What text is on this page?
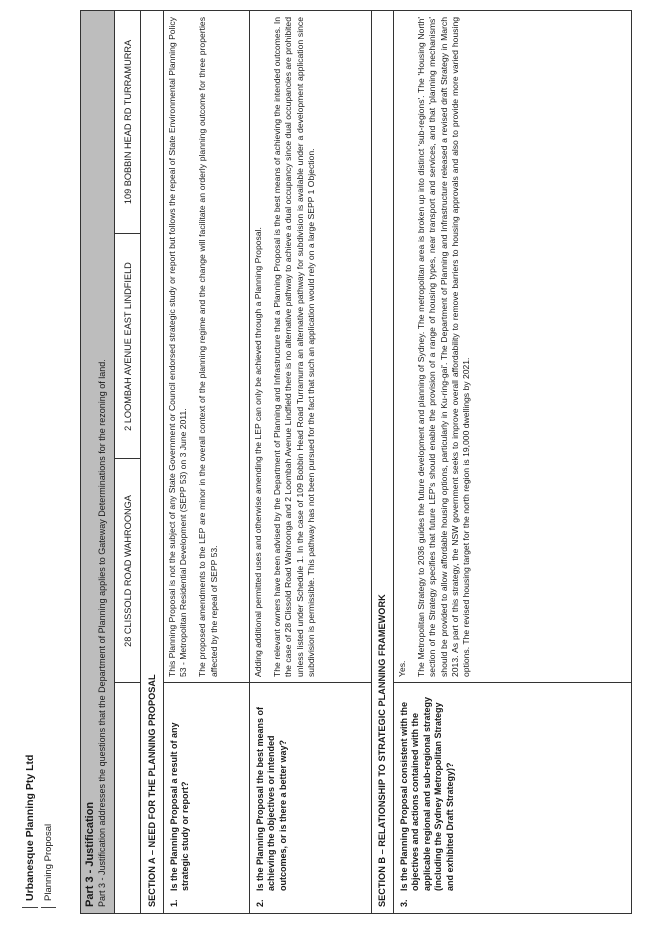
Urbanesque Planning Pty Ltd Planning Proposal	Part 3 - Justification Part 3 - Justification addresses the questions that the Department of Planning applies to Gateway Determinations for the rezoning of land. 28 CLISSOLD ROAD WAHROONGA
2 LOOMBAH AVENUE EAST LINDFIELD
109 BOBBIN HEAD RD TURRAMURRA
SECTION A – NEED FOR THE PLANNING PROPOSAL 1.
Is the Planning Proposal a result of any strategic study or report?

This Planning Proposal is not the subject of any State Government or Council endorsed strategic study or report but follows the repeal of State Environmental Planning Policy 53 - Metropolitan Residential Development (SEPP 53) on 3 June 2011. The proposed amendments to the LEP are minor in the overall context of the planning regime and the change will facilitate an orderly planning outcome for three properties affected by the repeal of SEPP 53.

2.
Is the Planning Proposal the best means of achieving the objectives or intended outcomes, or is there a better way?

Adding additional permitted uses and otherwise amending the LEP can only be achieved through a Planning Proposal. The relevant owners have been advised by the Department of Planning and Infrastructure that a Planning Proposal is the best means of achieving the intended outcomes. In the case of 28 Clissold Road Wahroonga and 2 Loombah Avenue Lindfield there is no alternative pathway to achieve a dual occupancy since dual occupancies are prohibited unless listed under Schedule 1. In the case of 109 Bobbin Head Road Turramurra an alternative pathway for subdivision is available under a development application since subdivision is permissible. This pathway has not been pursued for the fact that such an application would rely on a large SEPP 1 Objection.

SECTION B – RELATIONSHIP TO STRATEGIC PLANNING FRAMEWORK 3.
Is the Planning Proposal consistent with the objectives and actions contained with the applicable regional and sub-regional strategy (including the Sydney Metropolitan Strategy and exhibited Draft Strategy)?

Yes. The Metropolitan Strategy to 2036 guides the future development and planning of Sydney. The metropolitan area is broken up into distinct 'sub-regions'. The 'Housing North' section of the Strategy specifies that future LEP's should enable the provision of a range of housing types, near transport and services, and that 'planning mechanisms' should be provided to allow affordable housing options, particularly in Ku-ring-gai'. The Department of Planning and Infrastructure released a revised draft Strategy in March 2013. As part of this strategy, the NSW government seeks to improve overall affordability to remove barriers to housing approvals and also to provide more varied housing options. The revised housing target for the north region is 19,000 dwellings by 2021.
